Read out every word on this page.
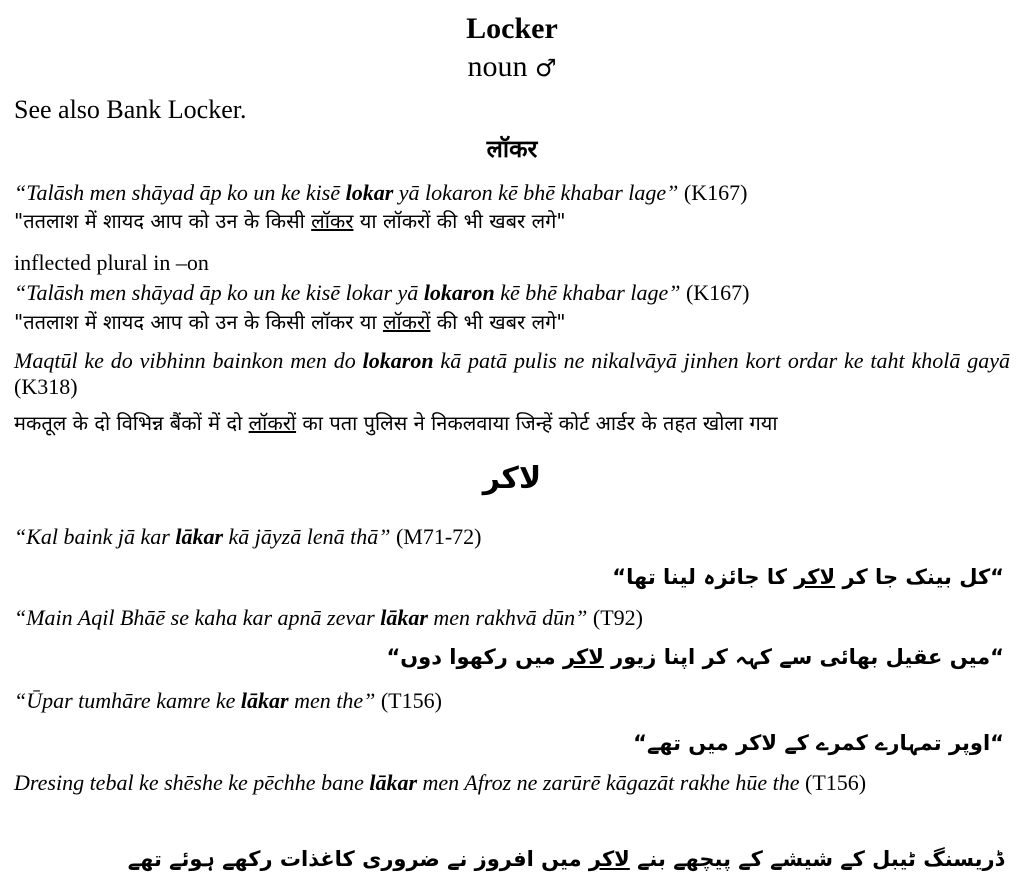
Locker
noun ♂
See also Bank Locker.
लॉकर
“Talāsh men shāyad āp ko un ke kisē lokar yā lokaron kē bhē khabar lage” (K167)
"ततलाश में शायद आप को उन के किसी लॉकर या लॉकरों की भी खबर लगे"
inflected plural in –on
“Talāsh men shāyad āp ko un ke kisē lokar yā lokaron kē bhē khabar lage” (K167)
"ततलाश में शायद आप को उन के किसी लॉकर या लॉकरों की भी खबर लगे"
Maqtūl ke do vibhinn bainkon men do lokaron kā patā pulis ne nikalvāyā jinhen kort ordar ke taht kholā gayā (K318)
मकतूल के दो विभिन्न बैंकों में दो लॉकरों का पता पुलिस ने निकलवाया जिन्हें कोर्ट आर्डर के तहत खोला गया
لاکر
“Kal baink jā kar lākar kā jāyzā lenā thā” (M71-72)
“کل بینک جا کر لاکر کا جائزہ لینا تھا“
“Main Aqil Bhāē se kaha kar apnā zevar lākar men rakhvā dūn” (T92)
“میں عقیل بھائی سے کہہ کر اپنا زیور لاکر میں رکھوا دوں“
“Ūpar tumhāre kamre ke lākar men the” (T156)
“اوپر تمہارے کمرے کے لاکر میں تھے“
Dresing tebal ke shēshe ke pēchhe bane lākar men Afroz ne zarūrē kāgazāt rakhe hūe the (T156)
ڈریسنگ ٹیبل کے شیشے کے پیچھے بنے لاکر میں افروز نے ضروری کاغذات رکھے ہوئے تھے
